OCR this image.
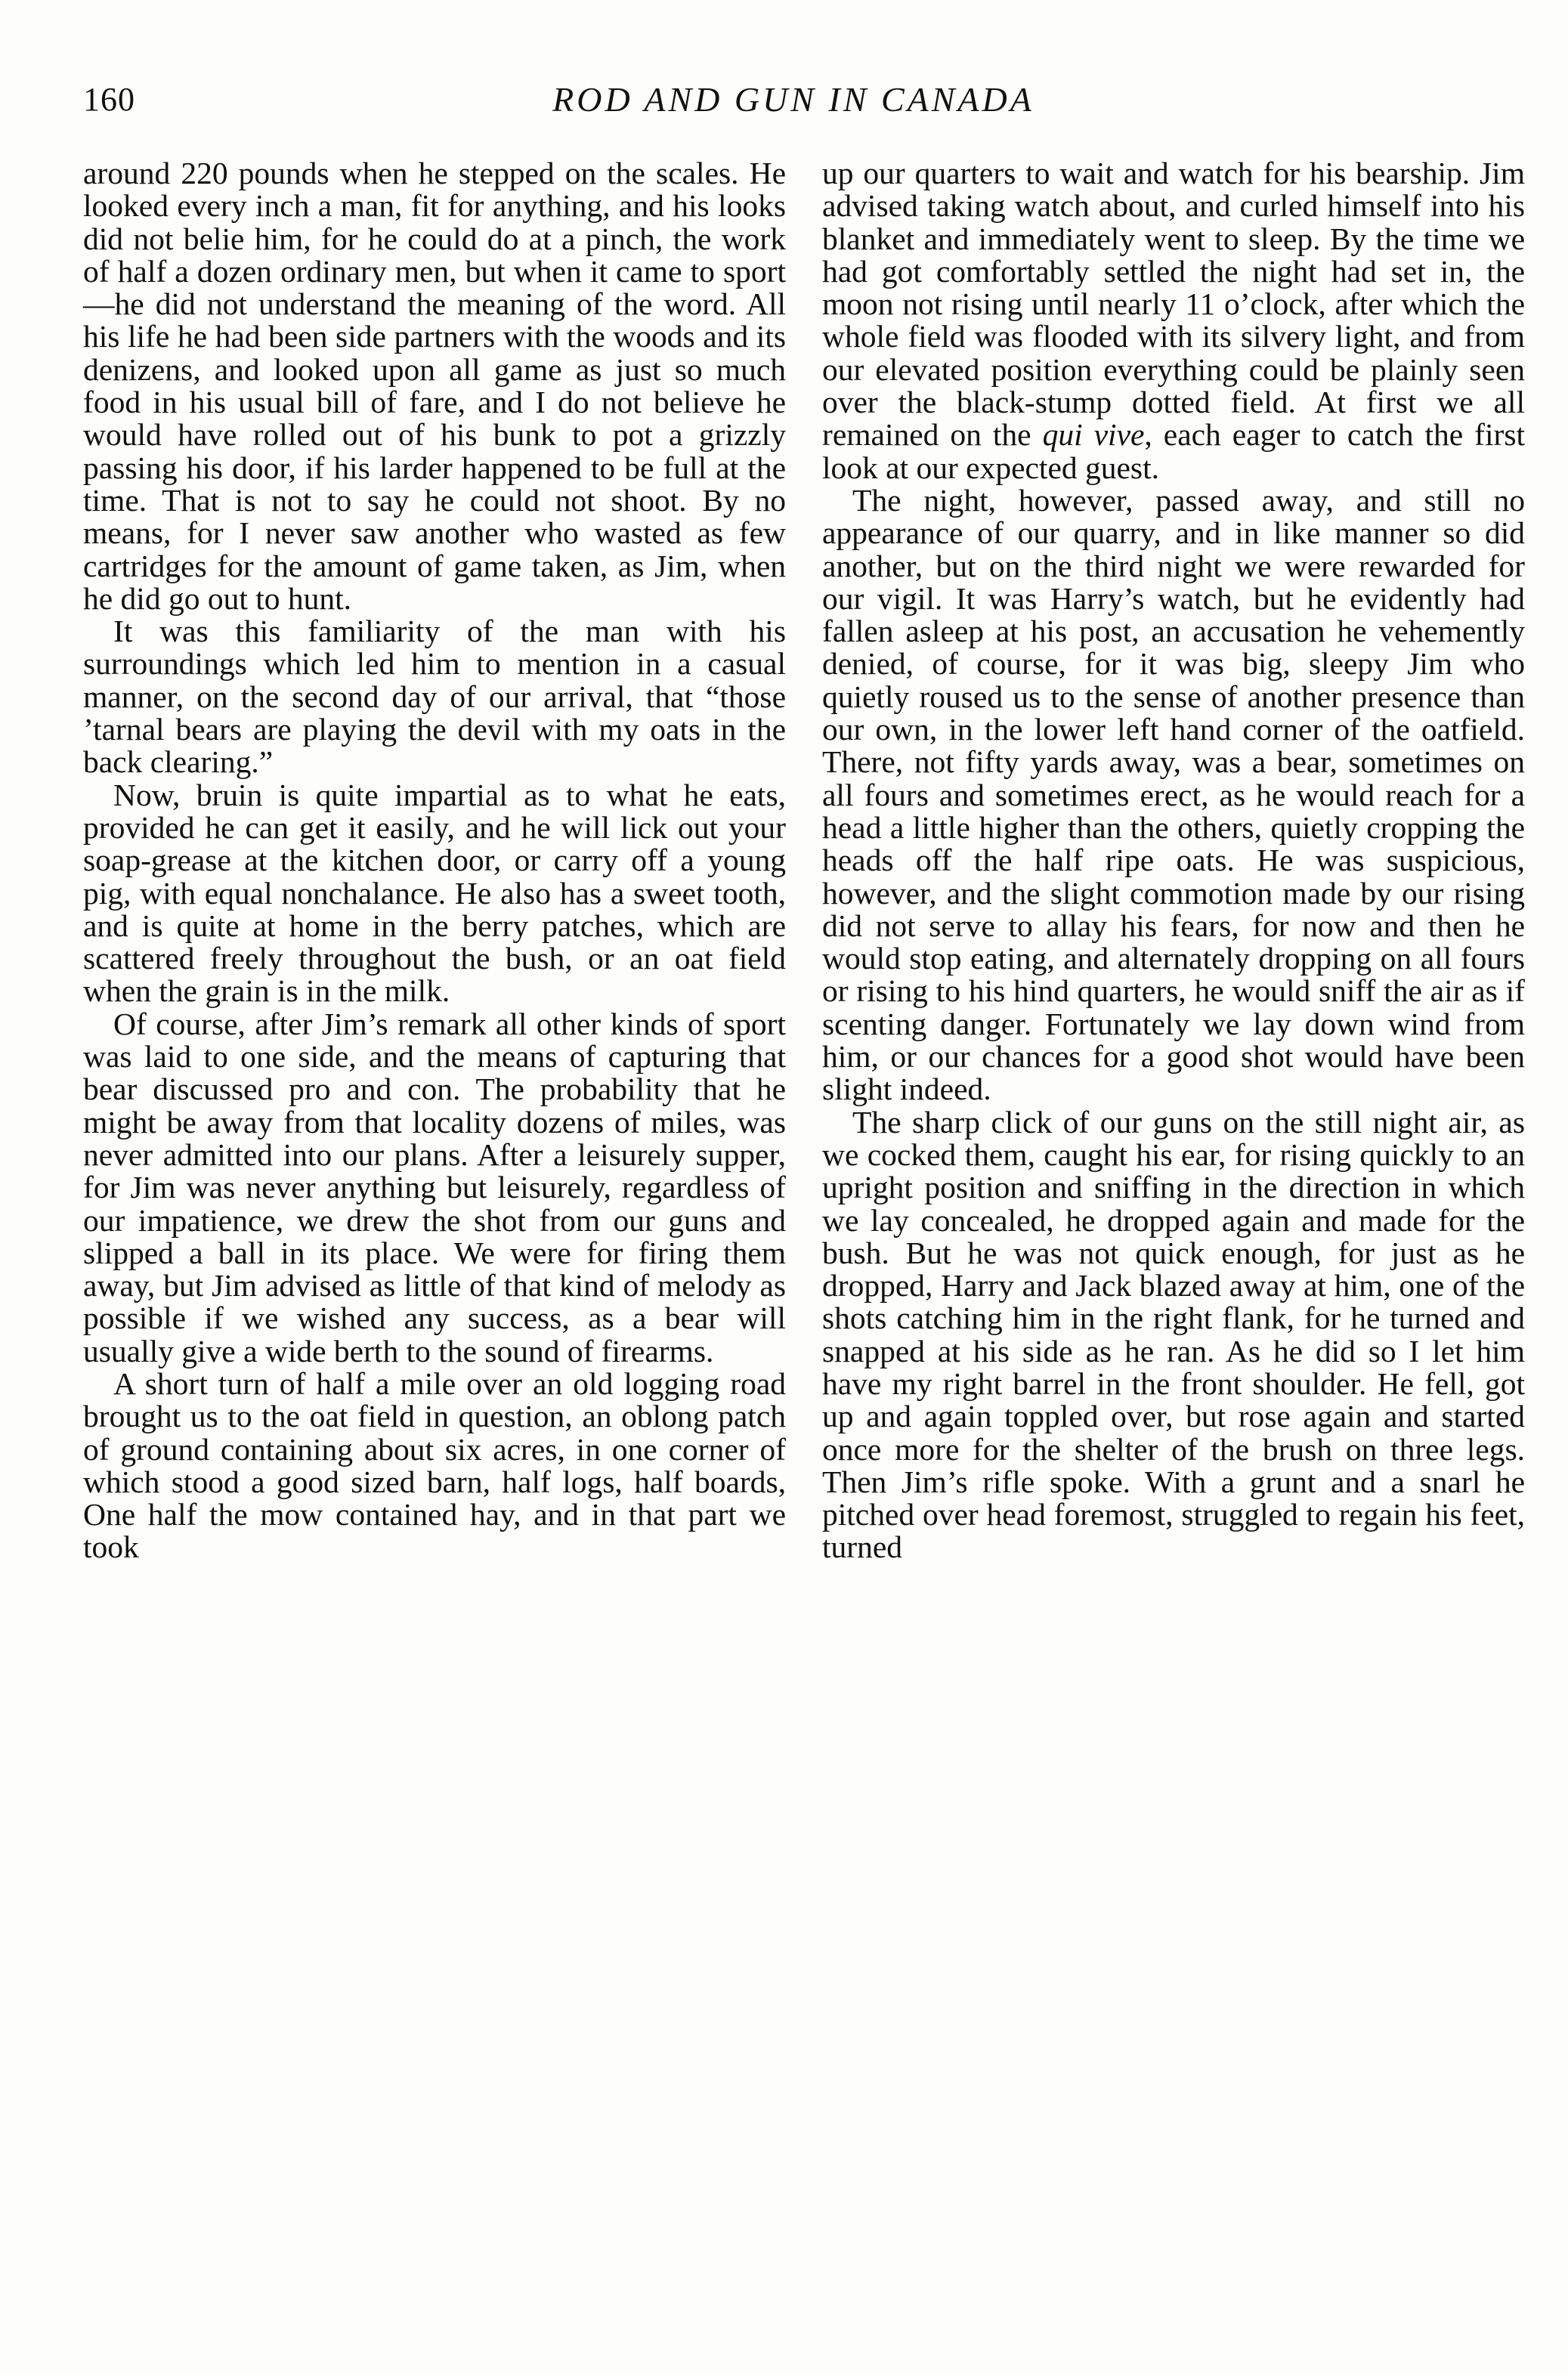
160	ROD AND GUN IN CANADA

around 220 pounds when he stepped on the scales. He looked every inch a man, fit for anything, and his looks did not belie him, for he could do at a pinch, the work of half a dozen ordinary men, but when it came to sport—he did not understand the meaning of the word. All his life he had been side partners with the woods and its denizens, and looked upon all game as just so much food in his usual bill of fare, and I do not believe he would have rolled out of his bunk to pot a grizzly passing his door, if his larder happened to be full at the time. That is not to say he could not shoot. By no means, for I never saw another who wasted as few cartridges for the amount of game taken, as Jim, when he did go out to hunt.

It was this familiarity of the man with his surroundings which led him to mention in a casual manner, on the second day of our arrival, that “those ’tarnal bears are playing the devil with my oats in the back clearing.”

Now, bruin is quite impartial as to what he eats, provided he can get it easily, and he will lick out your soap-grease at the kitchen door, or carry off a young pig, with equal nonchalance. He also has a sweet tooth, and is quite at home in the berry patches, which are scattered freely throughout the bush, or an oat field when the grain is in the milk.

Of course, after Jim’s remark all other kinds of sport was laid to one side, and the means of capturing that bear discussed pro and con. The probability that he might be away from that locality dozens of miles, was never admitted into our plans. After a leisurely supper, for Jim was never anything but leisurely, regardless of our impatience, we drew the shot from our guns and slipped a ball in its place. We were for firing them away, but Jim advised as little of that kind of melody as possible if we wished any success, as a bear will usually give a wide berth to the sound of firearms.

A short turn of half a mile over an old logging road brought us to the oat field in question, an oblong patch of ground containing about six acres, in one corner of which stood a good sized barn, half logs, half boards, One half the mow contained hay, and in that part we took

up our quarters to wait and watch for his bearship. Jim advised taking watch about, and curled himself into his blanket and immediately went to sleep. By the time we had got comfortably settled the night had set in, the moon not rising until nearly 11 o’clock, after which the whole field was flooded with its silvery light, and from our elevated position everything could be plainly seen over the black-stump dotted field. At first we all remained on the qui vive, each eager to catch the first look at our expected guest.

The night, however, passed away, and still no appearance of our quarry, and in like manner so did another, but on the third night we were rewarded for our vigil. It was Harry’s watch, but he evidently had fallen asleep at his post, an accusation he vehemently denied, of course, for it was big, sleepy Jim who quietly roused us to the sense of another presence than our own, in the lower left hand corner of the oatfield. There, not fifty yards away, was a bear, sometimes on all fours and sometimes erect, as he would reach for a head a little higher than the others, quietly cropping the heads off the half ripe oats. He was suspicious, however, and the slight commotion made by our rising did not serve to allay his fears, for now and then he would stop eating, and alternately dropping on all fours or rising to his hind quarters, he would sniff the air as if scenting danger. Fortunately we lay down wind from him, or our chances for a good shot would have been slight indeed.

The sharp click of our guns on the still night air, as we cocked them, caught his ear, for rising quickly to an upright position and sniffing in the direction in which we lay concealed, he dropped again and made for the bush. But he was not quick enough, for just as he dropped, Harry and Jack blazed away at him, one of the shots catching him in the right flank, for he turned and snapped at his side as he ran. As he did so I let him have my right barrel in the front shoulder. He fell, got up and again toppled over, but rose again and started once more for the shelter of the brush on three legs. Then Jim’s rifle spoke. With a grunt and a snarl he pitched over head foremost, struggled to regain his feet, turned
